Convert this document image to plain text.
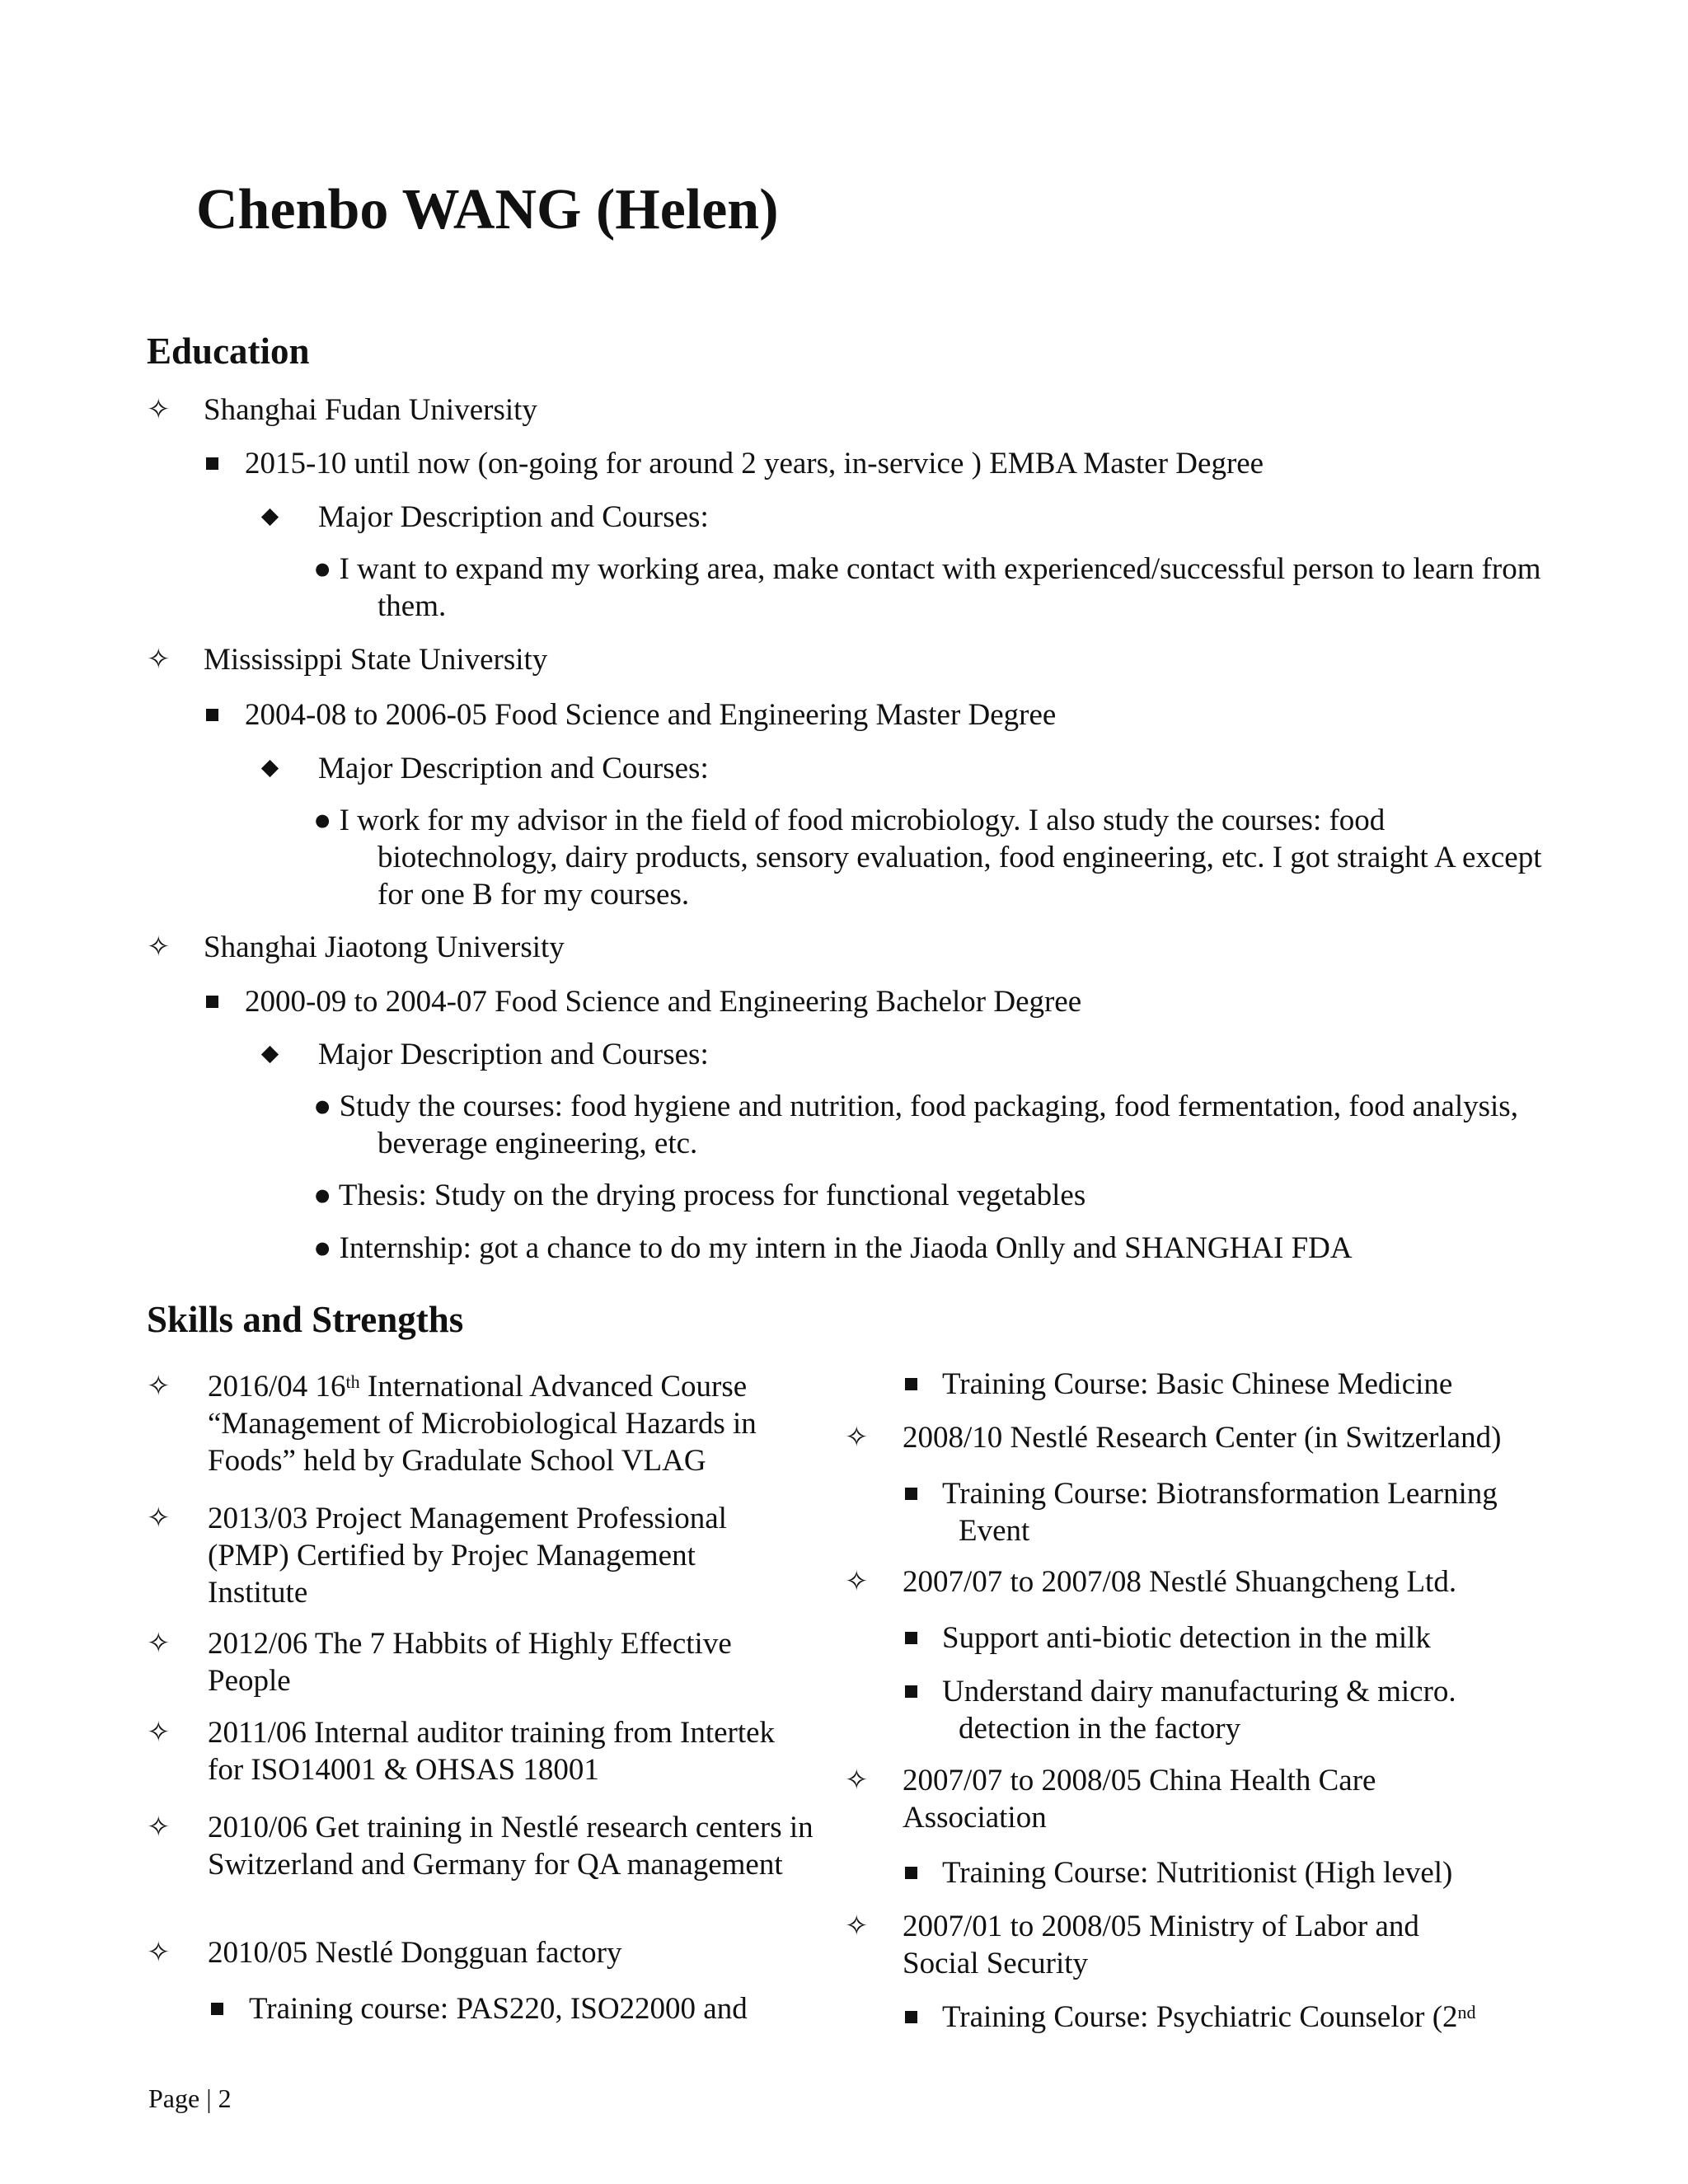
Chenbo WANG (Helen)
Education
✧ Shanghai Fudan University
2015-10 until now (on-going for around 2 years, in-service ) EMBA Master Degree
Major Description and Courses:
● I want to expand my working area, make contact with experienced/successful person to learn from them.
✧ Mississippi State University
2004-08 to 2006-05 Food Science and Engineering Master Degree
Major Description and Courses:
● I work for my advisor in the field of food microbiology. I also study the courses: food biotechnology, dairy products, sensory evaluation, food engineering, etc. I got straight A except for one B for my courses.
✧ Shanghai Jiaotong University
2000-09 to 2004-07 Food Science and Engineering Bachelor Degree
Major Description and Courses:
● Study the courses: food hygiene and nutrition, food packaging, food fermentation, food analysis, beverage engineering, etc.
● Thesis: Study on the drying process for functional vegetables
● Internship: got a chance to do my intern in the Jiaoda Onlly and SHANGHAI FDA
Skills and Strengths
✧ 2016/04 16th International Advanced Course “Management of Microbiological Hazards in Foods” held by Gradulate School VLAG
✧ 2013/03 Project Management Professional (PMP) Certified by Projec Management Institute
✧ 2012/06 The 7 Habbits of Highly Effective People
✧ 2011/06 Internal auditor training from Intertek for ISO14001 & OHSAS 18001
✧ 2010/06 Get training in Nestlé research centers in Switzerland and Germany for QA management
✧ 2010/05 Nestlé Dongguan factory
Training course: PAS220, ISO22000 and
Training Course: Basic Chinese Medicine
✧ 2008/10 Nestlé Research Center (in Switzerland)
Training Course: Biotransformation Learning Event
✧ 2007/07 to 2007/08 Nestlé Shuangcheng Ltd.
Support anti-biotic detection in the milk
Understand dairy manufacturing & micro. detection in the factory
✧ 2007/07 to 2008/05 China Health Care Association
Training Course: Nutritionist (High level)
✧ 2007/01 to 2008/05 Ministry of Labor and Social Security
Training Course: Psychiatric Counselor (2nd
Page | 2
